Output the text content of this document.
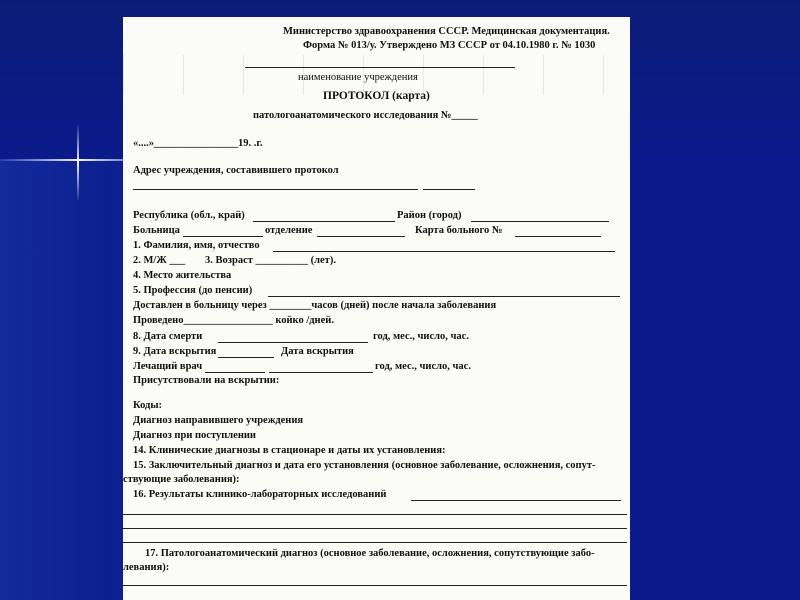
Министерство здравоохранения СССР. Медицинская документация.
Форма № 013/у. Утверждено МЗ СССР от 04.10.1980 г. № 1030
наименование учреждения
ПРОТОКОЛ (карта)
патологоанатомического исследования №_____
«....»________________19. .г.
Адрес учреждения, составившего протокол
Республика (обл., край)	Район (город)
Больница	отделение	Карта больного №
1. Фамилия, имя, отчество
2. М/Ж ___ 3. Возраст __________ (лет).
4. Место жительства
5. Профессия (до пенсии)
Доставлен в больницу через ________часов (дней) после начала заболевания
Проведено_________________ койко /дней.
8. Дата смерти	год, мес., число, час.
9. Дата вскрытия	Дата вскрытия
Лечащий врач	год, мес., число, час.
Присутствовали на вскрытии:
Коды:
Диагноз направившего учреждения
Диагноз при поступлении
14. Клинические диагнозы в стационаре и даты их установления:
15. Заключительный диагноз и дата его установления (основное заболевание, осложнения, сопут-
ствующие заболевания):
16. Результаты клинико-лабораторных исследований
17. Патологоанатомический диагноз (основное заболевание, осложнения, сопутствующие забо-
левания):
